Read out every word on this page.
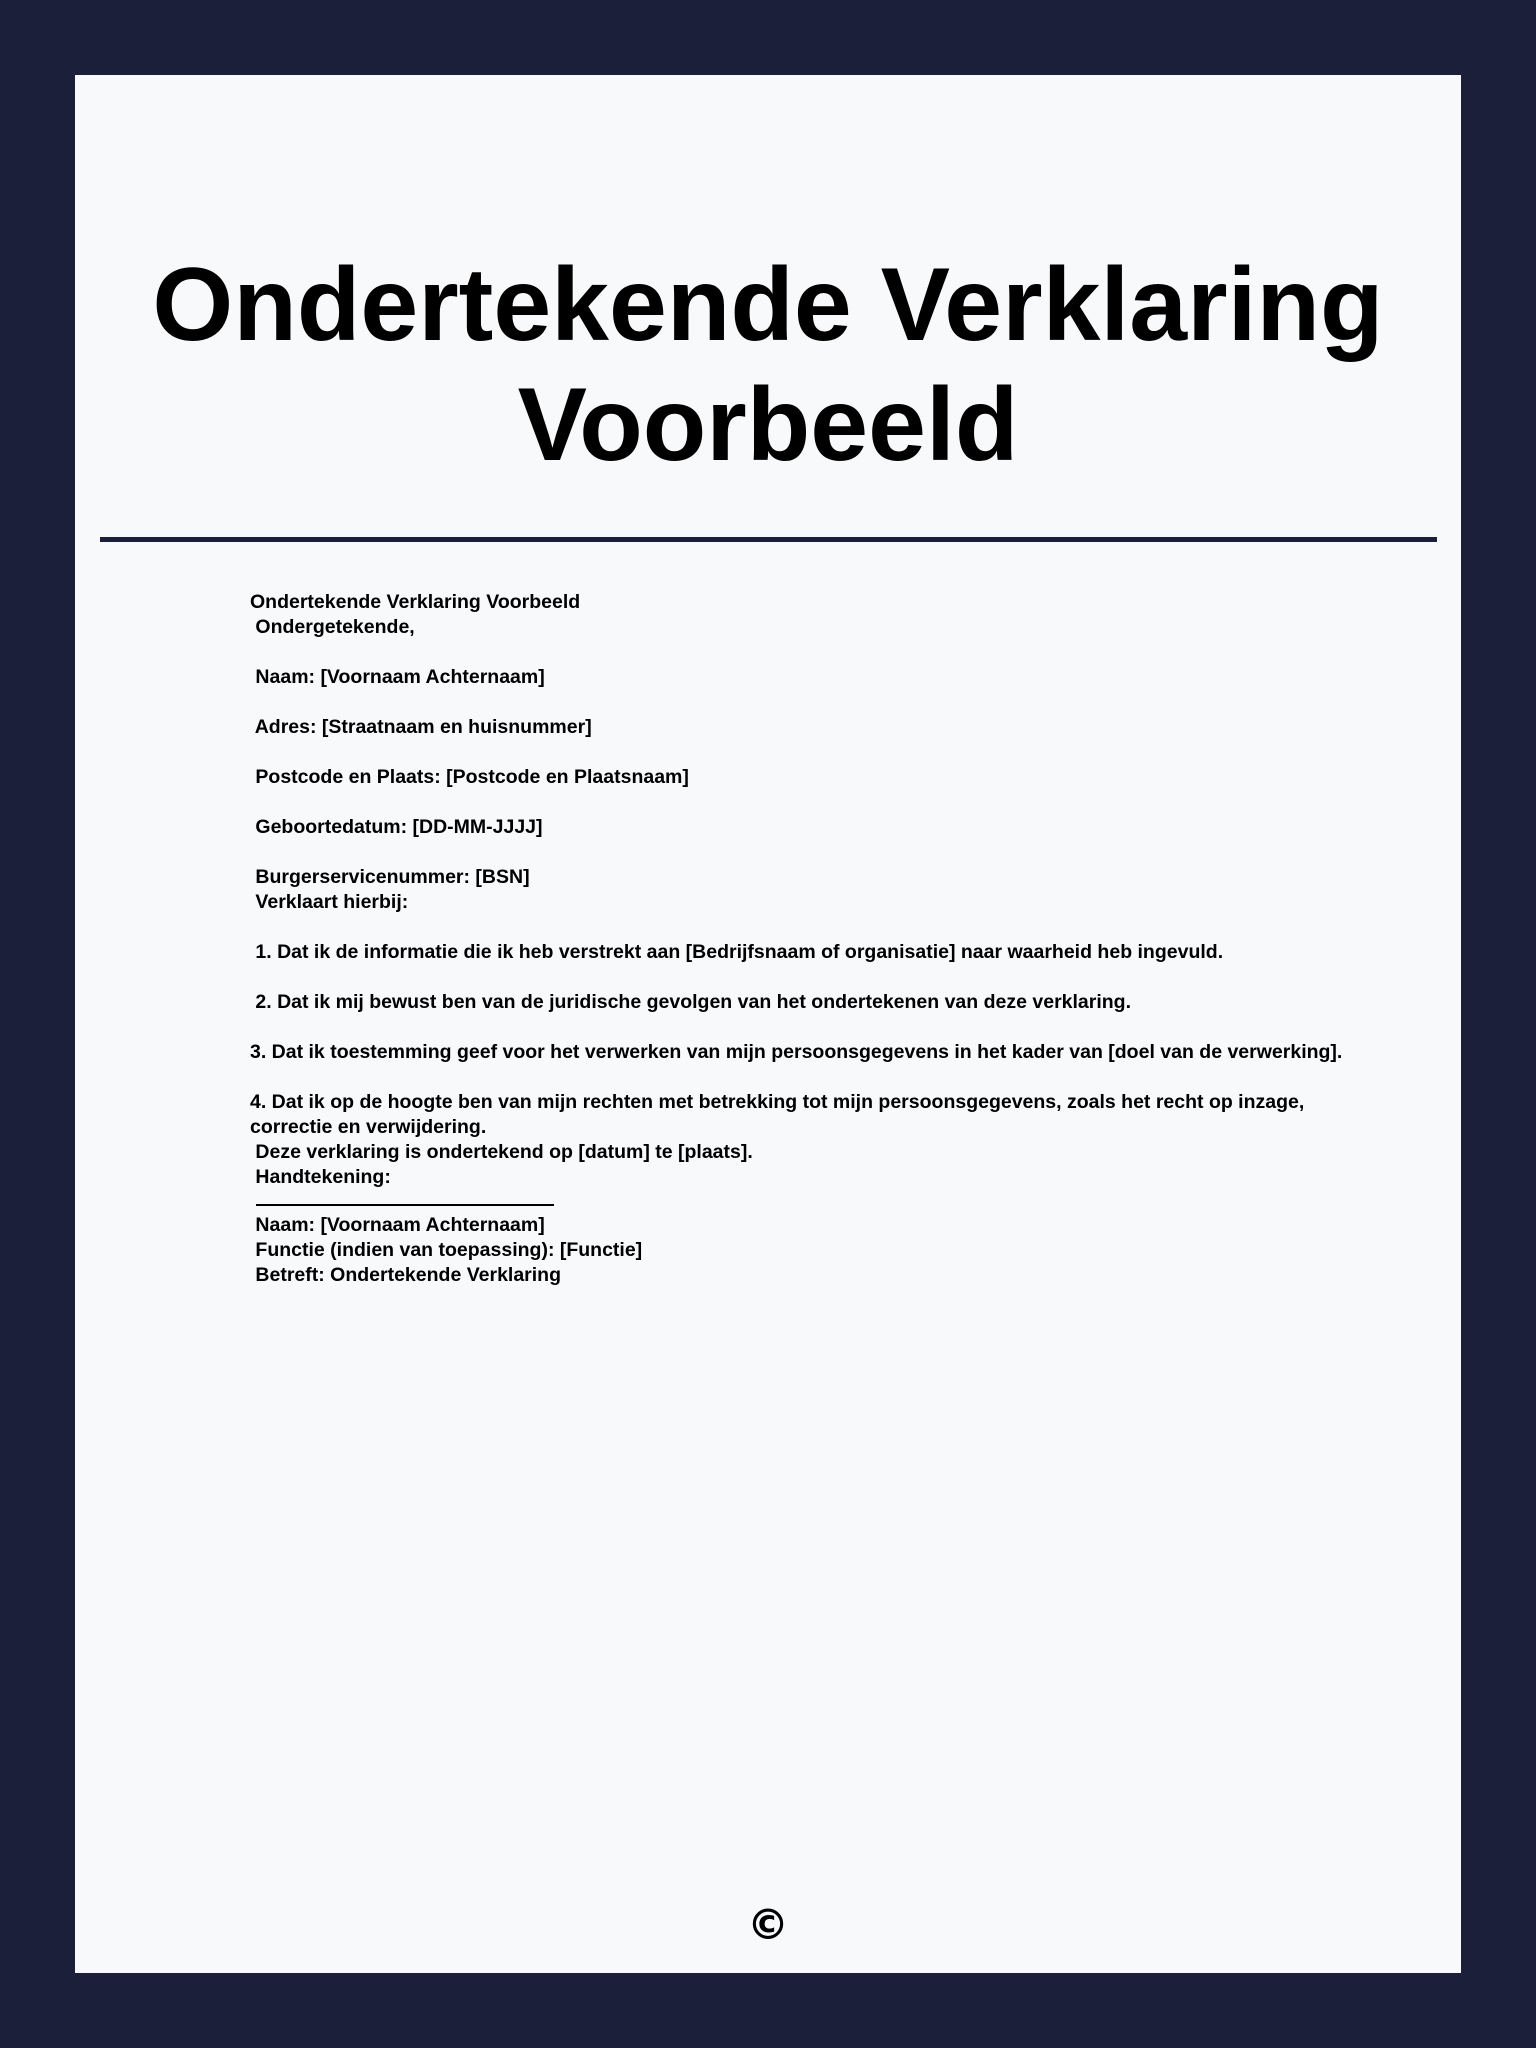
Ondertekende Verklaring Voorbeeld
Ondertekende Verklaring Voorbeeld
Ondergetekende,
Naam: [Voornaam Achternaam]
Adres: [Straatnaam en huisnummer]
Postcode en Plaats: [Postcode en Plaatsnaam]
Geboortedatum: [DD-MM-JJJJ]
Burgerservicenummer: [BSN]
Verklaart hierbij:
1. Dat ik de informatie die ik heb verstrekt aan [Bedrijfsnaam of organisatie] naar waarheid heb ingevuld.
2. Dat ik mij bewust ben van de juridische gevolgen van het ondertekenen van deze verklaring.
3. Dat ik toestemming geef voor het verwerken van mijn persoonsgegevens in het kader van [doel van de verwerking].
4. Dat ik op de hoogte ben van mijn rechten met betrekking tot mijn persoonsgegevens, zoals het recht op inzage, correctie en verwijdering.
Deze verklaring is ondertekend op [datum] te [plaats].
Handtekening:
Naam: [Voornaam Achternaam]
Functie (indien van toepassing): [Functie]
Betreft: Ondertekende Verklaring
©
